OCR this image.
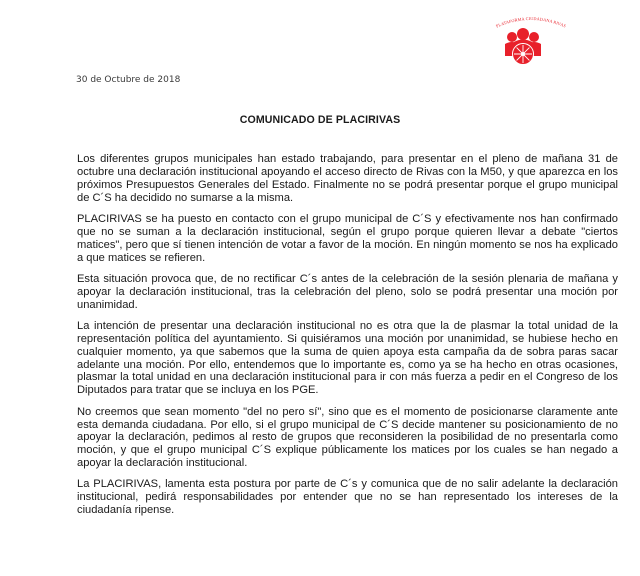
PLATAFORMA CIUDADANA RIVAS
30 de Octubre de 2018
COMUNICADO DE PLACIRIVAS

Los diferentes grupos municipales han estado trabajando, para presentar en el pleno de mañana 31 de octubre una declaración institucional apoyando el acceso directo de Rivas con la M50, y que aparezca en los próximos Presupuestos Generales del Estado. Finalmente no se podrá presentar porque el grupo municipal de C´S ha decidido no sumarse a la misma.

PLACIRIVAS se ha puesto en contacto con el grupo municipal de C´S y efectivamente nos han confirmado que no se suman a la declaración institucional, según el grupo porque quieren llevar a debate "ciertos matices", pero que sí tienen intención de votar a favor de la moción. En ningún momento se nos ha explicado a que matices se refieren.

Esta situación provoca que, de no rectificar C´s antes de la celebración de la sesión plenaria de mañana y apoyar la declaración institucional, tras la celebración del pleno, solo se podrá presentar una moción por unanimidad.

La intención de presentar una declaración institucional no es otra que la de plasmar la total unidad de la representación política del ayuntamiento. Si quisiéramos una moción por unanimidad, se hubiese hecho en cualquier momento, ya que sabemos que la suma de quien apoya esta campaña da de sobra paras sacar adelante una moción. Por ello, entendemos que lo importante es, como ya se ha hecho en otras ocasiones, plasmar la total unidad en una declaración institucional para ir con más fuerza a pedir en el Congreso de los Diputados para tratar que se incluya en los PGE.

No creemos que sean momento "del no pero sí", sino que es el momento de posicionarse claramente ante esta demanda ciudadana. Por ello, si el grupo municipal de C´S decide mantener su posicionamiento de no apoyar la declaración, pedimos al resto de grupos que reconsideren la posibilidad de no presentarla como moción, y que el grupo municipal C´S explique públicamente los matices por los cuales se han negado a apoyar la declaración institucional.

La PLACIRIVAS, lamenta esta postura por parte de C´s y comunica que de no salir adelante la declaración institucional, pedirá responsabilidades por entender que no se han representado los intereses de la ciudadanía ripense.
